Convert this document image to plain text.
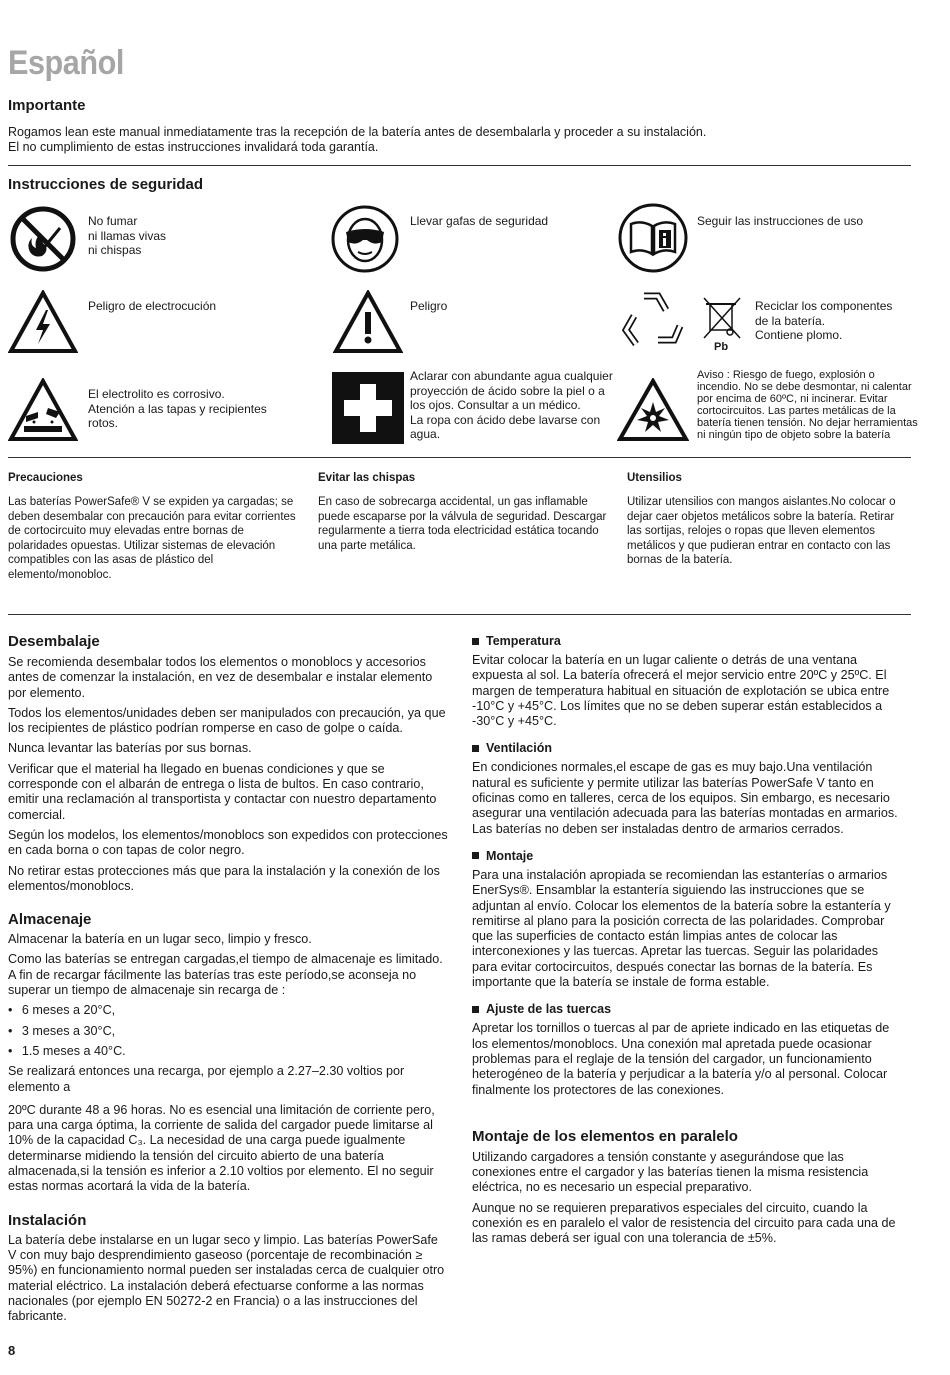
Español
Importante
Rogamos lean este manual inmediatamente tras la recepción de la batería antes de desembalarla y proceder a su instalación.
El no cumplimiento de estas instrucciones invalidará toda garantía.
Instrucciones de seguridad
No fumar
ni llamas vivas
ni chispas
Llevar gafas de seguridad	Seguir las instrucciones de uso
Peligro de electrocución	Peligro
Pb
Reciclar los componentes
de la batería.
Contiene plomo.
El electrolito es corrosivo.
Atención a las tapas y recipientes
rotos.
Aclarar con abundante agua cualquier
proyección de ácido sobre la piel o a
los ojos. Consultar a un médico.
La ropa con ácido debe lavarse con
agua.
Aviso : Riesgo de fuego, explosión o
incendio. No se debe desmontar, ni calentar
por encima de 60ºC, ni incinerar. Evitar
cortocircuitos. Las partes metálicas de la
batería tienen tensión. No dejar herramientas
ni ningún tipo de objeto sobre la batería
Precauciones
Las baterías PowerSafe® V se expiden ya cargadas; se deben desembalar con precaución para evitar corrientes de cortocircuito muy elevadas entre bornas de polaridades opuestas. Utilizar sistemas de elevación compatibles con las asas de plástico del elemento/monobloc.
Evitar las chispas
En caso de sobrecarga accidental, un gas inflamable puede escaparse por la válvula de seguridad. Descargar regularmente a tierra toda electricidad estática tocando una parte metálica.
Utensilios
Utilizar utensilios con mangos aislantes.No colocar o dejar caer objetos metálicos sobre la batería. Retirar las sortijas, relojes o ropas que lleven elementos metálicos y que pudieran entrar en contacto con las bornas de la batería.
Desembalaje

Se recomienda desembalar todos los elementos o monoblocs y accesorios antes de comenzar la instalación, en vez de desembalar e instalar elemento por elemento.

Todos los elementos/unidades deben ser manipulados con precaución, ya que los recipientes de plástico podrían romperse en caso de golpe o caída.

Nunca levantar las baterías por sus bornas.

Verificar que el material ha llegado en buenas condiciones y que se corresponde con el albarán de entrega o lista de bultos. En caso contrario, emitir una reclamación al transportista y contactar con nuestro departamento comercial.

Según los modelos, los elementos/monoblocs son expedidos con protecciones en cada borna o con tapas de color negro.

No retirar estas protecciones más que para la instalación y la conexión de los elementos/monoblocs.

Almacenaje

Almacenar la batería en un lugar seco, limpio y fresco.

Como las baterías se entregan cargadas,el tiempo de almacenaje es limitado. A fin de recargar fácilmente las baterías tras este período,se aconseja no superar un tiempo de almacenaje sin recarga de :

• 6 meses a 20°C,
• 3 meses a 30°C,
• 1.5 meses a 40°C.

Se realizará entonces una recarga, por ejemplo a 2.27–2.30 voltios por elemento a

20ºC durante 48 a 96 horas. No es esencial una limitación de corriente pero, para una carga óptima, la corriente de salida del cargador puede limitarse al 10% de la capacidad C₃. La necesidad de una carga puede igualmente determinarse midiendo la tensión del circuito abierto de una batería almacenada,si la tensión es inferior a 2.10 voltios por elemento. El no seguir estas normas acortará la vida de la batería.

Instalación

La batería debe instalarse en un lugar seco y limpio. Las baterías PowerSafe V con muy bajo desprendimiento gaseoso (porcentaje de recombinación ≥ 95%) en funcionamiento normal pueden ser instaladas cerca de cualquier otro material eléctrico. La instalación deberá efectuarse conforme a las normas nacionales (por ejemplo EN 50272-2 en Francia) o a las instrucciones del fabricante.

Temperatura

Evitar colocar la batería en un lugar caliente o detrás de una ventana expuesta al sol. La batería ofrecerá el mejor servicio entre 20ºC y 25ºC. El margen de temperatura habitual en situación de explotación se ubica entre -10°C y +45°C. Los límites que no se deben superar están establecidos a -30°C y +45°C.

Ventilación

En condiciones normales,el escape de gas es muy bajo.Una ventilación natural es suficiente y permite utilizar las baterías PowerSafe V tanto en oficinas como en talleres, cerca de los equipos. Sin embargo, es necesario asegurar una ventilación adecuada para las baterías montadas en armarios. Las baterías no deben ser instaladas dentro de armarios cerrados.

Montaje

Para una instalación apropiada se recomiendan las estanterías o armarios EnerSys®. Ensamblar la estantería siguiendo las instrucciones que se adjuntan al envío. Colocar los elementos de la batería sobre la estantería y remitirse al plano para la posición correcta de las polaridades. Comprobar que las superficies de contacto están limpias antes de colocar las interconexiones y las tuercas. Apretar las tuercas. Seguir las polaridades para evitar cortocircuitos, después conectar las bornas de la batería. Es importante que la batería se instale de forma estable.

Ajuste de las tuercas

Apretar los tornillos o tuercas al par de apriete indicado en las etiquetas de los elementos/monoblocs. Una conexión mal apretada puede ocasionar problemas para el reglaje de la tensión del cargador, un funcionamiento heterogéneo de la batería y perjudicar a la batería y/o al personal. Colocar finalmente los protectores de las conexiones.

Montaje de los elementos en paralelo

Utilizando cargadores a tensión constante y asegurándose que las conexiones entre el cargador y las baterías tienen la misma resistencia eléctrica, no es necesario un especial preparativo.

Aunque no se requieren preparativos especiales del circuito, cuando la conexión es en paralelo el valor de resistencia del circuito para cada una de las ramas deberá ser igual con una tolerancia de ±5%.

8
